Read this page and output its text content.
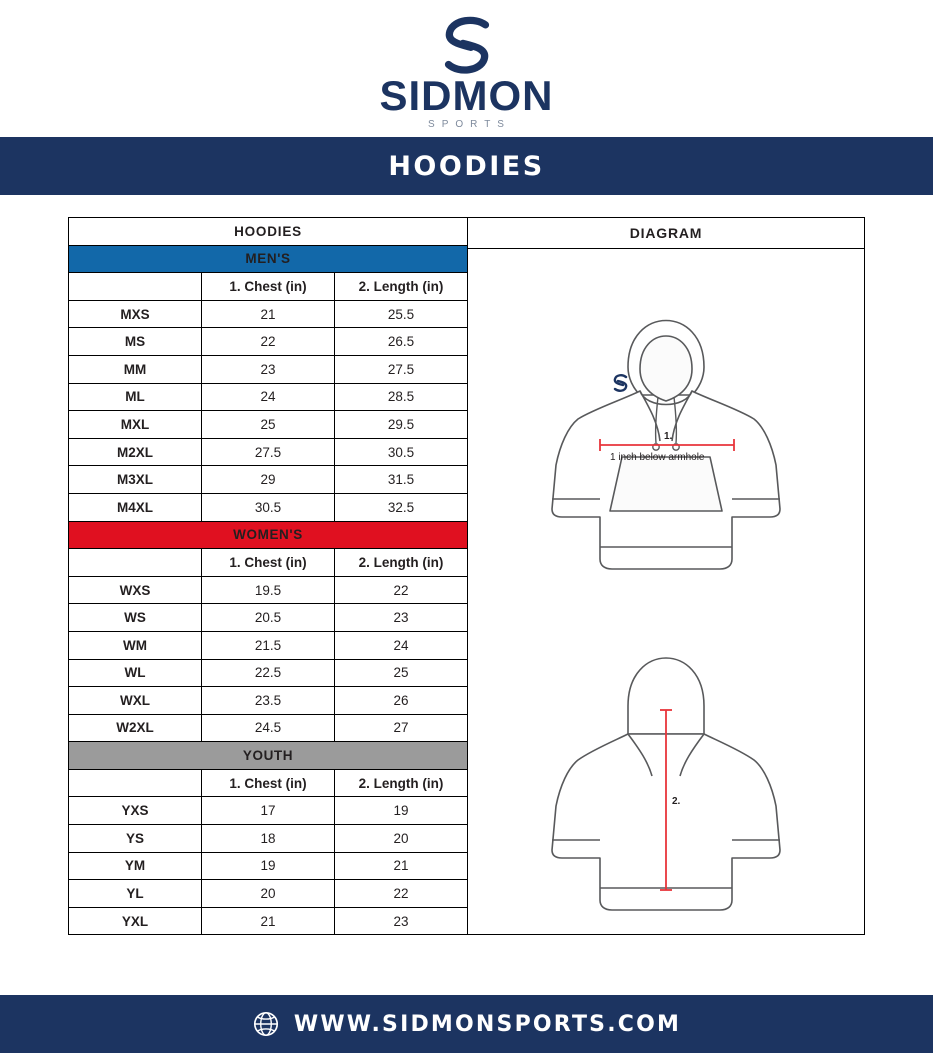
SIDMON
SPORTS
HOODIES
HOODIES		
MEN'S		
	1. Chest (in)	2. Length (in)
MXS	21	25.5
MS	22	26.5
MM	23	27.5
ML	24	28.5
MXL	25	29.5
M2XL	27.5	30.5
M3XL	29	31.5
M4XL	30.5	32.5
WOMEN'S		
	1. Chest (in)	2. Length (in)
WXS	19.5	22
WS	20.5	23
WM	21.5	24
WL	22.5	25
WXL	23.5	26
W2XL	24.5	27
YOUTH		
	1. Chest (in)	2. Length (in)
YXS	17	19
YS	18	20
YM	19	21
YL	20	22
YXL	21	23
DIAGRAM
1.
1 inch below armhole
2.
WWW.SIDMONSPORTS.COM
